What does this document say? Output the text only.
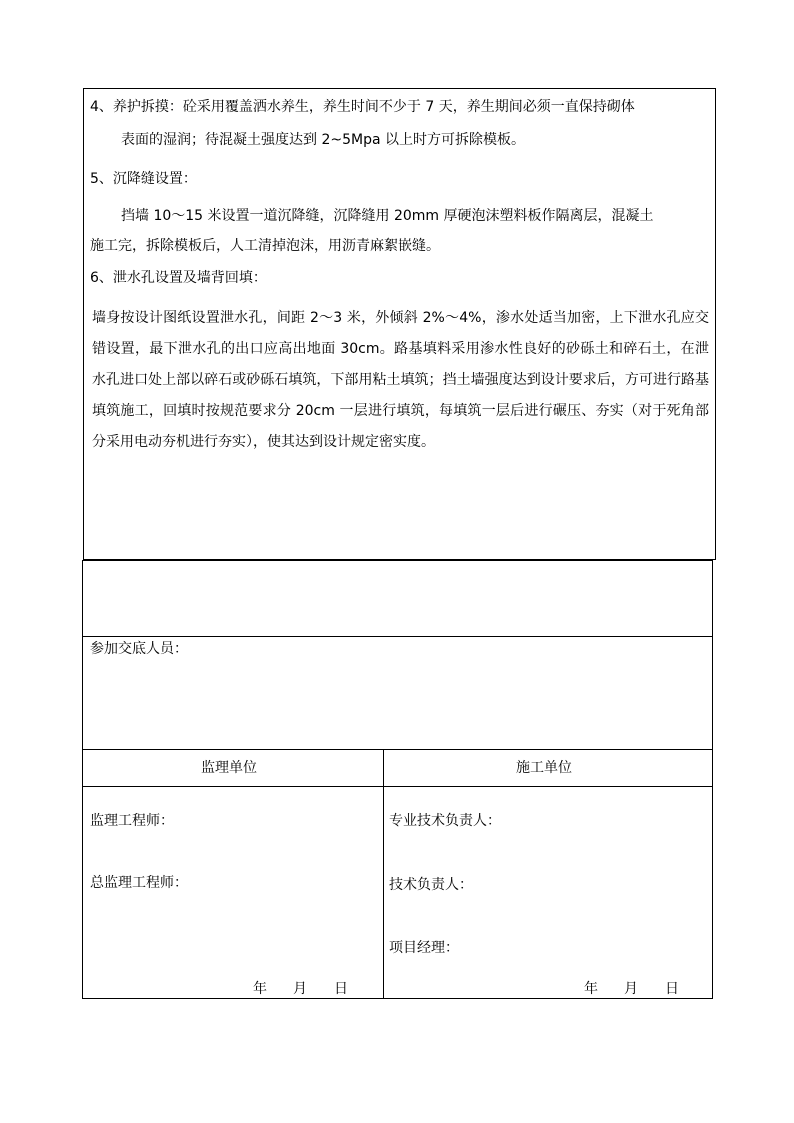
4、养护拆摸：砼采用覆盖洒水养生，养生时间不少于 7 天，养生期间必须一直保持砌体
表面的湿润；待混凝土强度达到 2~5Mpa 以上时方可拆除模板。
5、沉降缝设置：
挡墙 10～15 米设置一道沉降缝，沉降缝用 20mm 厚硬泡沫塑料板作隔离层，混凝土
施工完，拆除模板后，人工清掉泡沫，用沥青麻絮嵌缝。
6、泄水孔设置及墙背回填：
墙身按设计图纸设置泄水孔，间距 2～3 米，外倾斜 2%～4%，渗水处适当加密，上下泄水孔应交错设置，最下泄水孔的出口应高出地面 30cm。路基填料采用渗水性良好的砂砾土和碎石土，在泄水孔进口处上部以碎石或砂砾石填筑，下部用粘土填筑；挡土墙强度达到设计要求后，方可进行路基填筑施工，回填时按规范要求分 20cm 一层进行填筑，每填筑一层后进行碾压、夯实（对于死角部分采用电动夯机进行夯实），使其达到设计规定密实度。
参加交底人员：
监理单位	施工单位
监理工程师：
总监理工程师：
年 月 日
专业技术负责人：
技术负责人：
项目经理：
年 月 日
